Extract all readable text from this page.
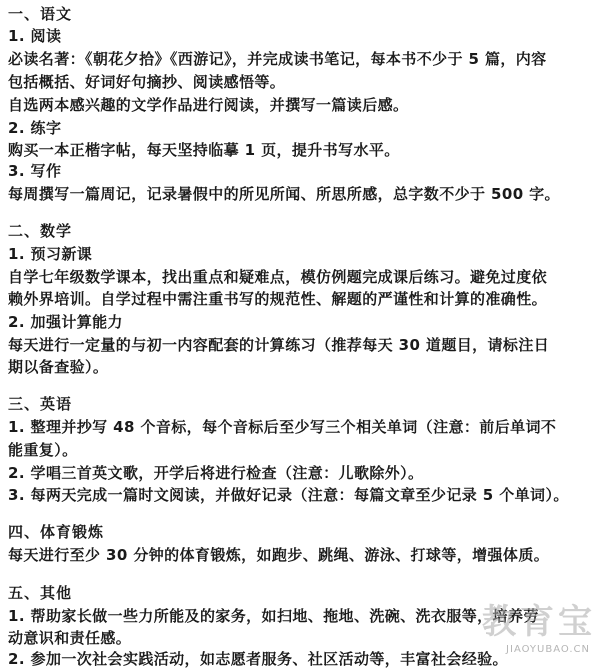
一、语文
1. 阅读
必读名著：《朝花夕拾》《西游记》，并完成读书笔记，每本书不少于 5 篇，内容
包括概括、好词好句摘抄、阅读感悟等。
自选两本感兴趣的文学作品进行阅读，并撰写一篇读后感。
2. 练字
购买一本正楷字帖，每天坚持临摹 1 页，提升书写水平。
3. 写作
每周撰写一篇周记，记录暑假中的所见所闻、所思所感，总字数不少于 500 字。
二、数学
1. 预习新课
自学七年级数学课本，找出重点和疑难点，模仿例题完成课后练习。避免过度依
赖外界培训。自学过程中需注重书写的规范性、解题的严谨性和计算的准确性。
2. 加强计算能力
每天进行一定量的与初一内容配套的计算练习（推荐每天 30 道题目，请标注日
期以备查验）。
三、英语
1. 整理并抄写 48 个音标，每个音标后至少写三个相关单词（注意：前后单词不
能重复）。
2. 学唱三首英文歌，开学后将进行检查（注意：儿歌除外）。
3. 每两天完成一篇时文阅读，并做好记录（注意：每篇文章至少记录 5 个单词）。
四、体育锻炼
每天进行至少 30 分钟的体育锻炼，如跑步、跳绳、游泳、打球等，增强体质。
五、其他
1. 帮助家长做一些力所能及的家务，如扫地、拖地、洗碗、洗衣服等，培养劳
动意识和责任感。
2. 参加一次社会实践活动，如志愿者服务、社区活动等，丰富社会经验。
教育宝
JIAOYUBAO.CN
